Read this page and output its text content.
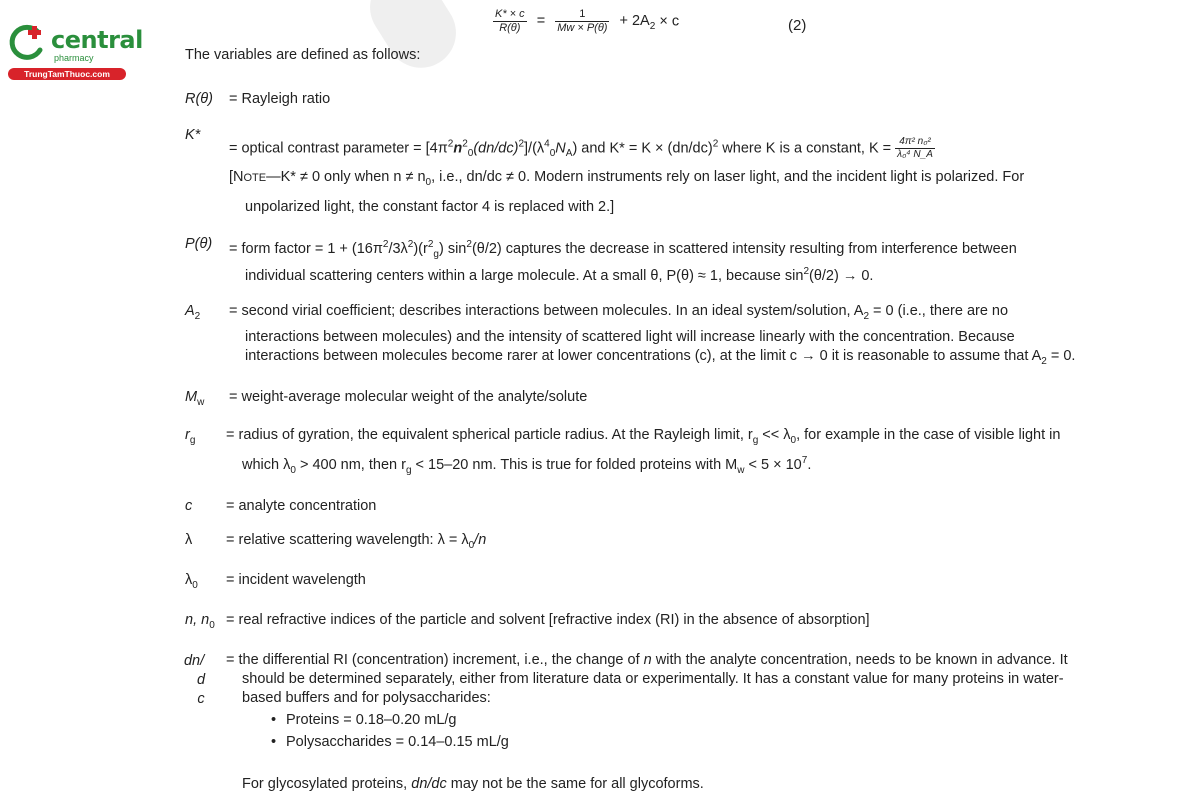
central
pharmacy
TrungTamThuoc.com
$\frac{K* \times c}{R(\theta)} = \frac{1}{Mw \times P(\theta)} + 2A_2 \times c$	(2)
The variables are defined as follows:
R(θ) = Rayleigh ratio
K*
= optical contrast parameter = $[4\pi^2n^2_0(dn/dc)^2]/(\lambda^4_0N_A)$ and $K* = K \times (dn/dc)^2$ where K is a constant, $K = \frac{\text{4π² n₀²}}{\text{λ₀⁴ N\_A}}$
[NOTE—K* ≠ 0 only when $n \ne n_0$, i.e., dn/dc ≠ 0. Modern instruments rely on laser light, and the incident light is polarized. For
unpolarized light, the constant factor 4 is replaced with 2.]
P(θ) = form factor = $1 + (16\pi^2/3\lambda^2)(r^2_g)$ $\sin^2(\theta/2)$ captures the decrease in scattered intensity resulting from interference between
individual scattering centers within a large molecule. At a small θ, P(θ) ≈ 1, because $\sin^2(\theta/2) \to 0$.
$A_2$ = second virial coefficient; describes interactions between molecules. In an ideal system/solution, $A_2 = 0$ (i.e., there are no
interactions between molecules) and the intensity of scattered light will increase linearly with the concentration. Because
interactions between molecules become rarer at lower concentrations (c), at the limit c → 0 it is reasonable to assume that $A_2 = 0$.
$M_w$ = weight-average molecular weight of the analyte/solute
$r_g$ = radius of gyration, the equivalent spherical particle radius. At the Rayleigh limit, $r_g << \lambda_0$, for example in the case of visible light in
which $\lambda_0 > 400$ nm, then $r_g < 15-20$ nm. This is true for folded proteins with $M_w < 5 \times 10^7$.
c = analyte concentration
λ = relative scattering wavelength: $\lambda = \lambda_0/n$
$\lambda_0$ = incident wavelength
n, $n_0$ = real refractive indices of the particle and solvent [refractive index (RI) in the absence of absorption]
dn/
d
c
= the differential RI (concentration) increment, i.e., the change of n with the analyte concentration, needs to be known in advance. It
should be determined separately, either from literature data or experimentally. It has a constant value for many proteins in water-
based buffers and for polysaccharides:
• Proteins = 0.18–0.20 mL/g
• Polysaccharides = 0.14–0.15 mL/g
For glycosylated proteins, dn/dc may not be the same for all glycoforms.
